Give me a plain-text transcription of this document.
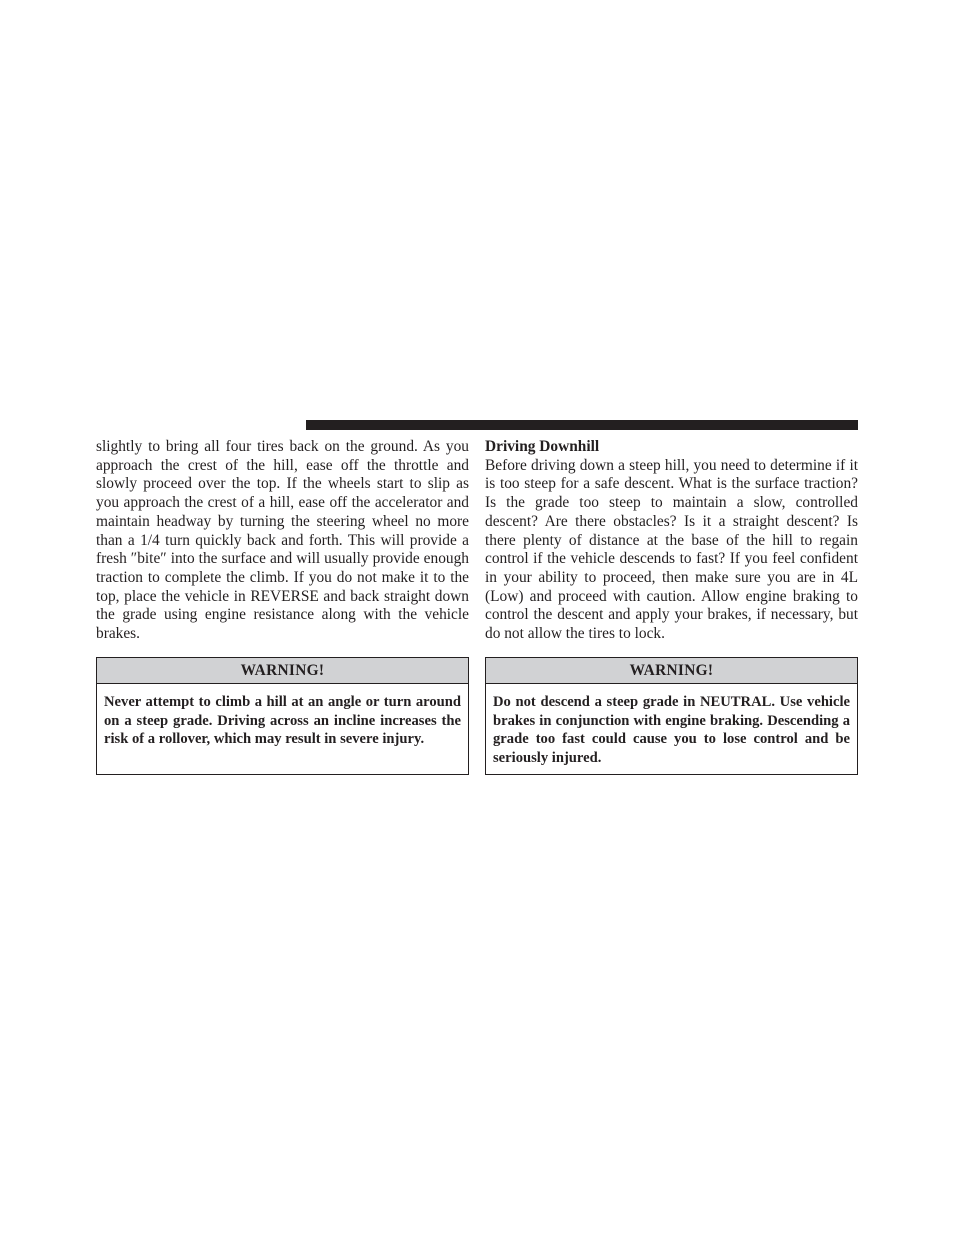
slightly to bring all four tires back on the ground. As you approach the crest of the hill, ease off the throttle and slowly proceed over the top. If the wheels start to slip as you approach the crest of a hill, ease off the accelerator and maintain headway by turning the steering wheel no more than a 1/4 turn quickly back and forth. This will provide a fresh ″bite″ into the surface and will usually provide enough traction to complete the climb. If you do not make it to the top, place the vehicle in REVERSE and back straight down the grade using engine resistance along with the vehicle brakes.

Driving Downhill

Before driving down a steep hill, you need to determine if it is too steep for a safe descent. What is the surface traction? Is the grade too steep to maintain a slow, controlled descent? Are there obstacles? Is it a straight descent? Is there plenty of distance at the base of the hill to regain control if the vehicle descends to fast? If you feel confident in your ability to proceed, then make sure you are in 4L (Low) and proceed with caution. Allow engine braking to control the descent and apply your brakes, if necessary, but do not allow the tires to lock.

WARNING!

Never attempt to climb a hill at an angle or turn around on a steep grade. Driving across an incline increases the risk of a rollover, which may result in severe injury.

WARNING!

Do not descend a steep grade in NEUTRAL. Use vehicle brakes in conjunction with engine braking. Descending a grade too fast could cause you to lose control and be seriously injured.
